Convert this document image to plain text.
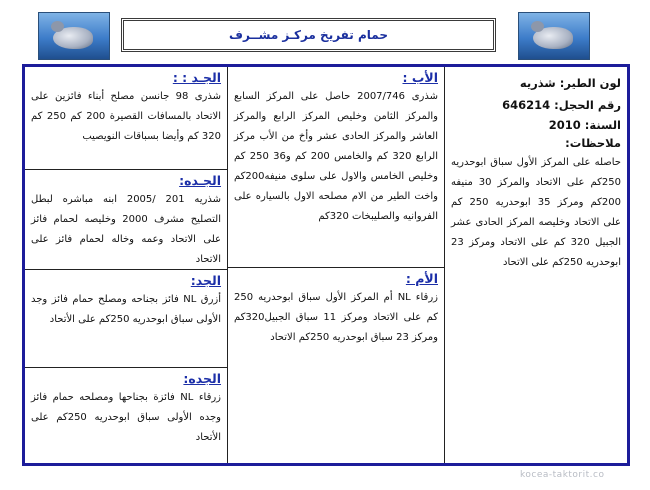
حمام تفريخ مركـز مشــرف
لون الطير: شذريه
رقم الحجل: 646214
السنة: 2010
ملاحظات:
حاصله على المركز الأول سباق ابوحدريه 250كم على الاتحاد والمركز 30 منيفه 200كم ومركز 35 ابوحدريه 250 كم على الاتحاد وخليصه المركز الحادى عشر الجبيل 320 كم على الاتحاد ومركز 23 ابوحدريه 250كم على الاتحاد
الأب :
شذرى 2007/746 حاصل على المركز السابع والمركز الثامن وخليص المركز الرابع والمركز العاشر والمركز الحادى عشر وأخ من الأب مركز الرابع 320 كم والخامس 200 كم و36 250 كم وخليص الخامس والاول على سلوى منيفه200كم واخت الطير من الام مصلحه الاول بالسياره على الفروانيه والصليبخات 320كم
الأم :
زرقاء NL أم المركز الأول سباق ابوحدريه 250 كم على الاتحاد ومركز 11 سباق الجبيل320كم ومركز 23 سباق ابوحدريه 250كم الاتحاد
الجـد : :
شذرى 98 جانسن مصلح أبناء فائزين على الاتحاد بالمسافات القصيرة 200 كم 250 كم 320 كم وأيضا بسباقات النويصيب
الجـده:
شذريه 201 /2005 ابنه مباشره لبطل التصليح مشرف 2000 وخليصه لحمام فائز على الاتحاد وعمه وخاله لحمام فائز على الاتحاد
الجد:
أزرق NL فائز بجناحه ومصلح حمام فائز وجد الأولى سباق ابوحدريه 250كم على الأتحاد
الجده:
زرقاء NL فائزة بجناحها ومصلحه حمام فائز وجده الأولى سباق ابوحدريه 250كم على الأتحاد
kocea-taktorit.co
